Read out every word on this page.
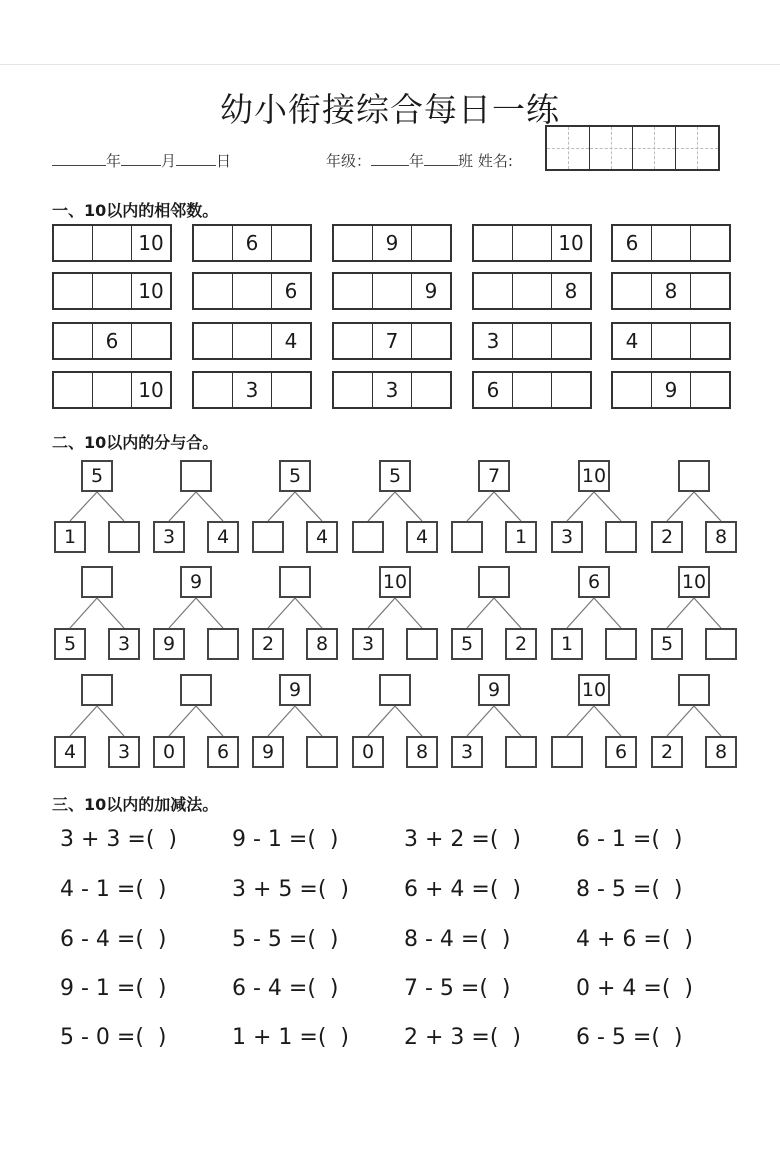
幼小衔接综合每日一练
年	月	日	年级：	年 班 姓名:
一、10以内的相邻数。
10	6	9	10	6
10	6	9	8	8
6	4	7	3	4
10	3	3	6	9
二、10以内的分与合。
5
1	3	4
5
4
5
4
7
1
10
3	2	8
5	3
9
9	2	8
10
3	5	2
6
1
10
5
4	3	0	6
9
9	0	8
9
3
10
6	2	8
三、10以内的加减法。
3 + 3 =(  )	9 - 1 =(  )	3 + 2 =(  )	6 - 1 =(  )
4 - 1 =(  )	3 + 5 =(  )	6 + 4 =(  )	8 - 5 =(  )
6 - 4 =(  )	5 - 5 =(  )	8 - 4 =(  )	4 + 6 =(  )
9 - 1 =(  )	6 - 4 =(  )	7 - 5 =(  )	0 + 4 =(  )
5 - 0 =(  )	1 + 1 =(  )	2 + 3 =(  )	6 - 5 =(  )
